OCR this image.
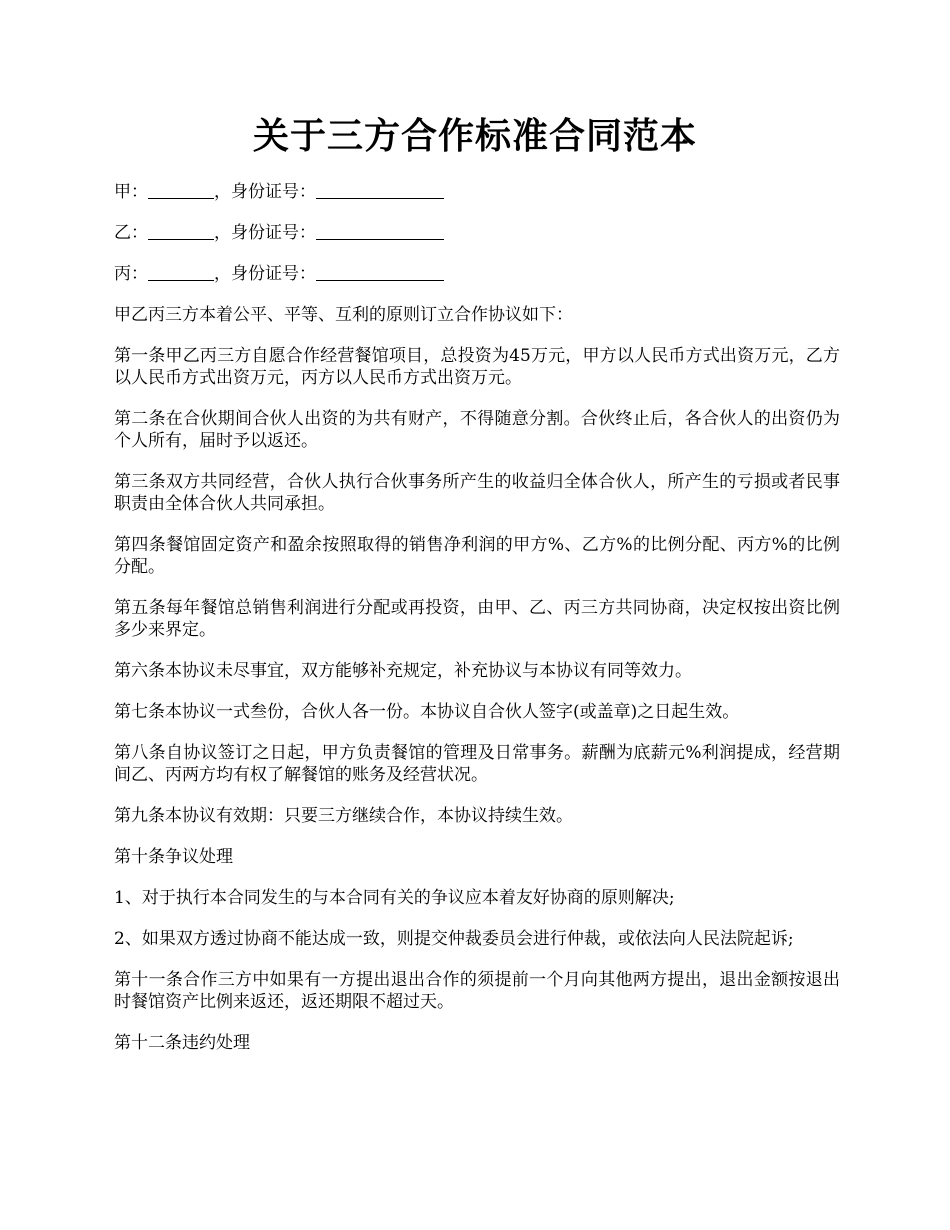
关于三方合作标准合同范本
甲：	，身份证号：
乙：	，身份证号：
丙：	，身份证号：

甲乙丙三方本着公平、平等、互利的原则订立合作协议如下：

第一条甲乙丙三方自愿合作经营餐馆项目，总投资为45万元，甲方以人民币方式出资万元，乙方以人民币方式出资万元，丙方以人民币方式出资万元。

第二条在合伙期间合伙人出资的为共有财产，不得随意分割。合伙终止后，各合伙人的出资仍为个人所有，届时予以返还。

第三条双方共同经营，合伙人执行合伙事务所产生的收益归全体合伙人，所产生的亏损或者民事职责由全体合伙人共同承担。

第四条餐馆固定资产和盈余按照取得的销售净利润的甲方%、乙方%的比例分配、丙方%的比例分配。

第五条每年餐馆总销售利润进行分配或再投资，由甲、乙、丙三方共同协商，决定权按出资比例多少来界定。

第六条本协议未尽事宜，双方能够补充规定，补充协议与本协议有同等效力。

第七条本协议一式叁份，合伙人各一份。本协议自合伙人签字(或盖章)之日起生效。

第八条自协议签订之日起，甲方负责餐馆的管理及日常事务。薪酬为底薪元%利润提成，经营期间乙、丙两方均有权了解餐馆的账务及经营状况。

第九条本协议有效期：只要三方继续合作，本协议持续生效。

第十条争议处理

1、对于执行本合同发生的与本合同有关的争议应本着友好协商的原则解决;

2、如果双方透过协商不能达成一致，则提交仲裁委员会进行仲裁，或依法向人民法院起诉;

第十一条合作三方中如果有一方提出退出合作的须提前一个月向其他两方提出，退出金额按退出时餐馆资产比例来返还，返还期限不超过天。

第十二条违约处理
